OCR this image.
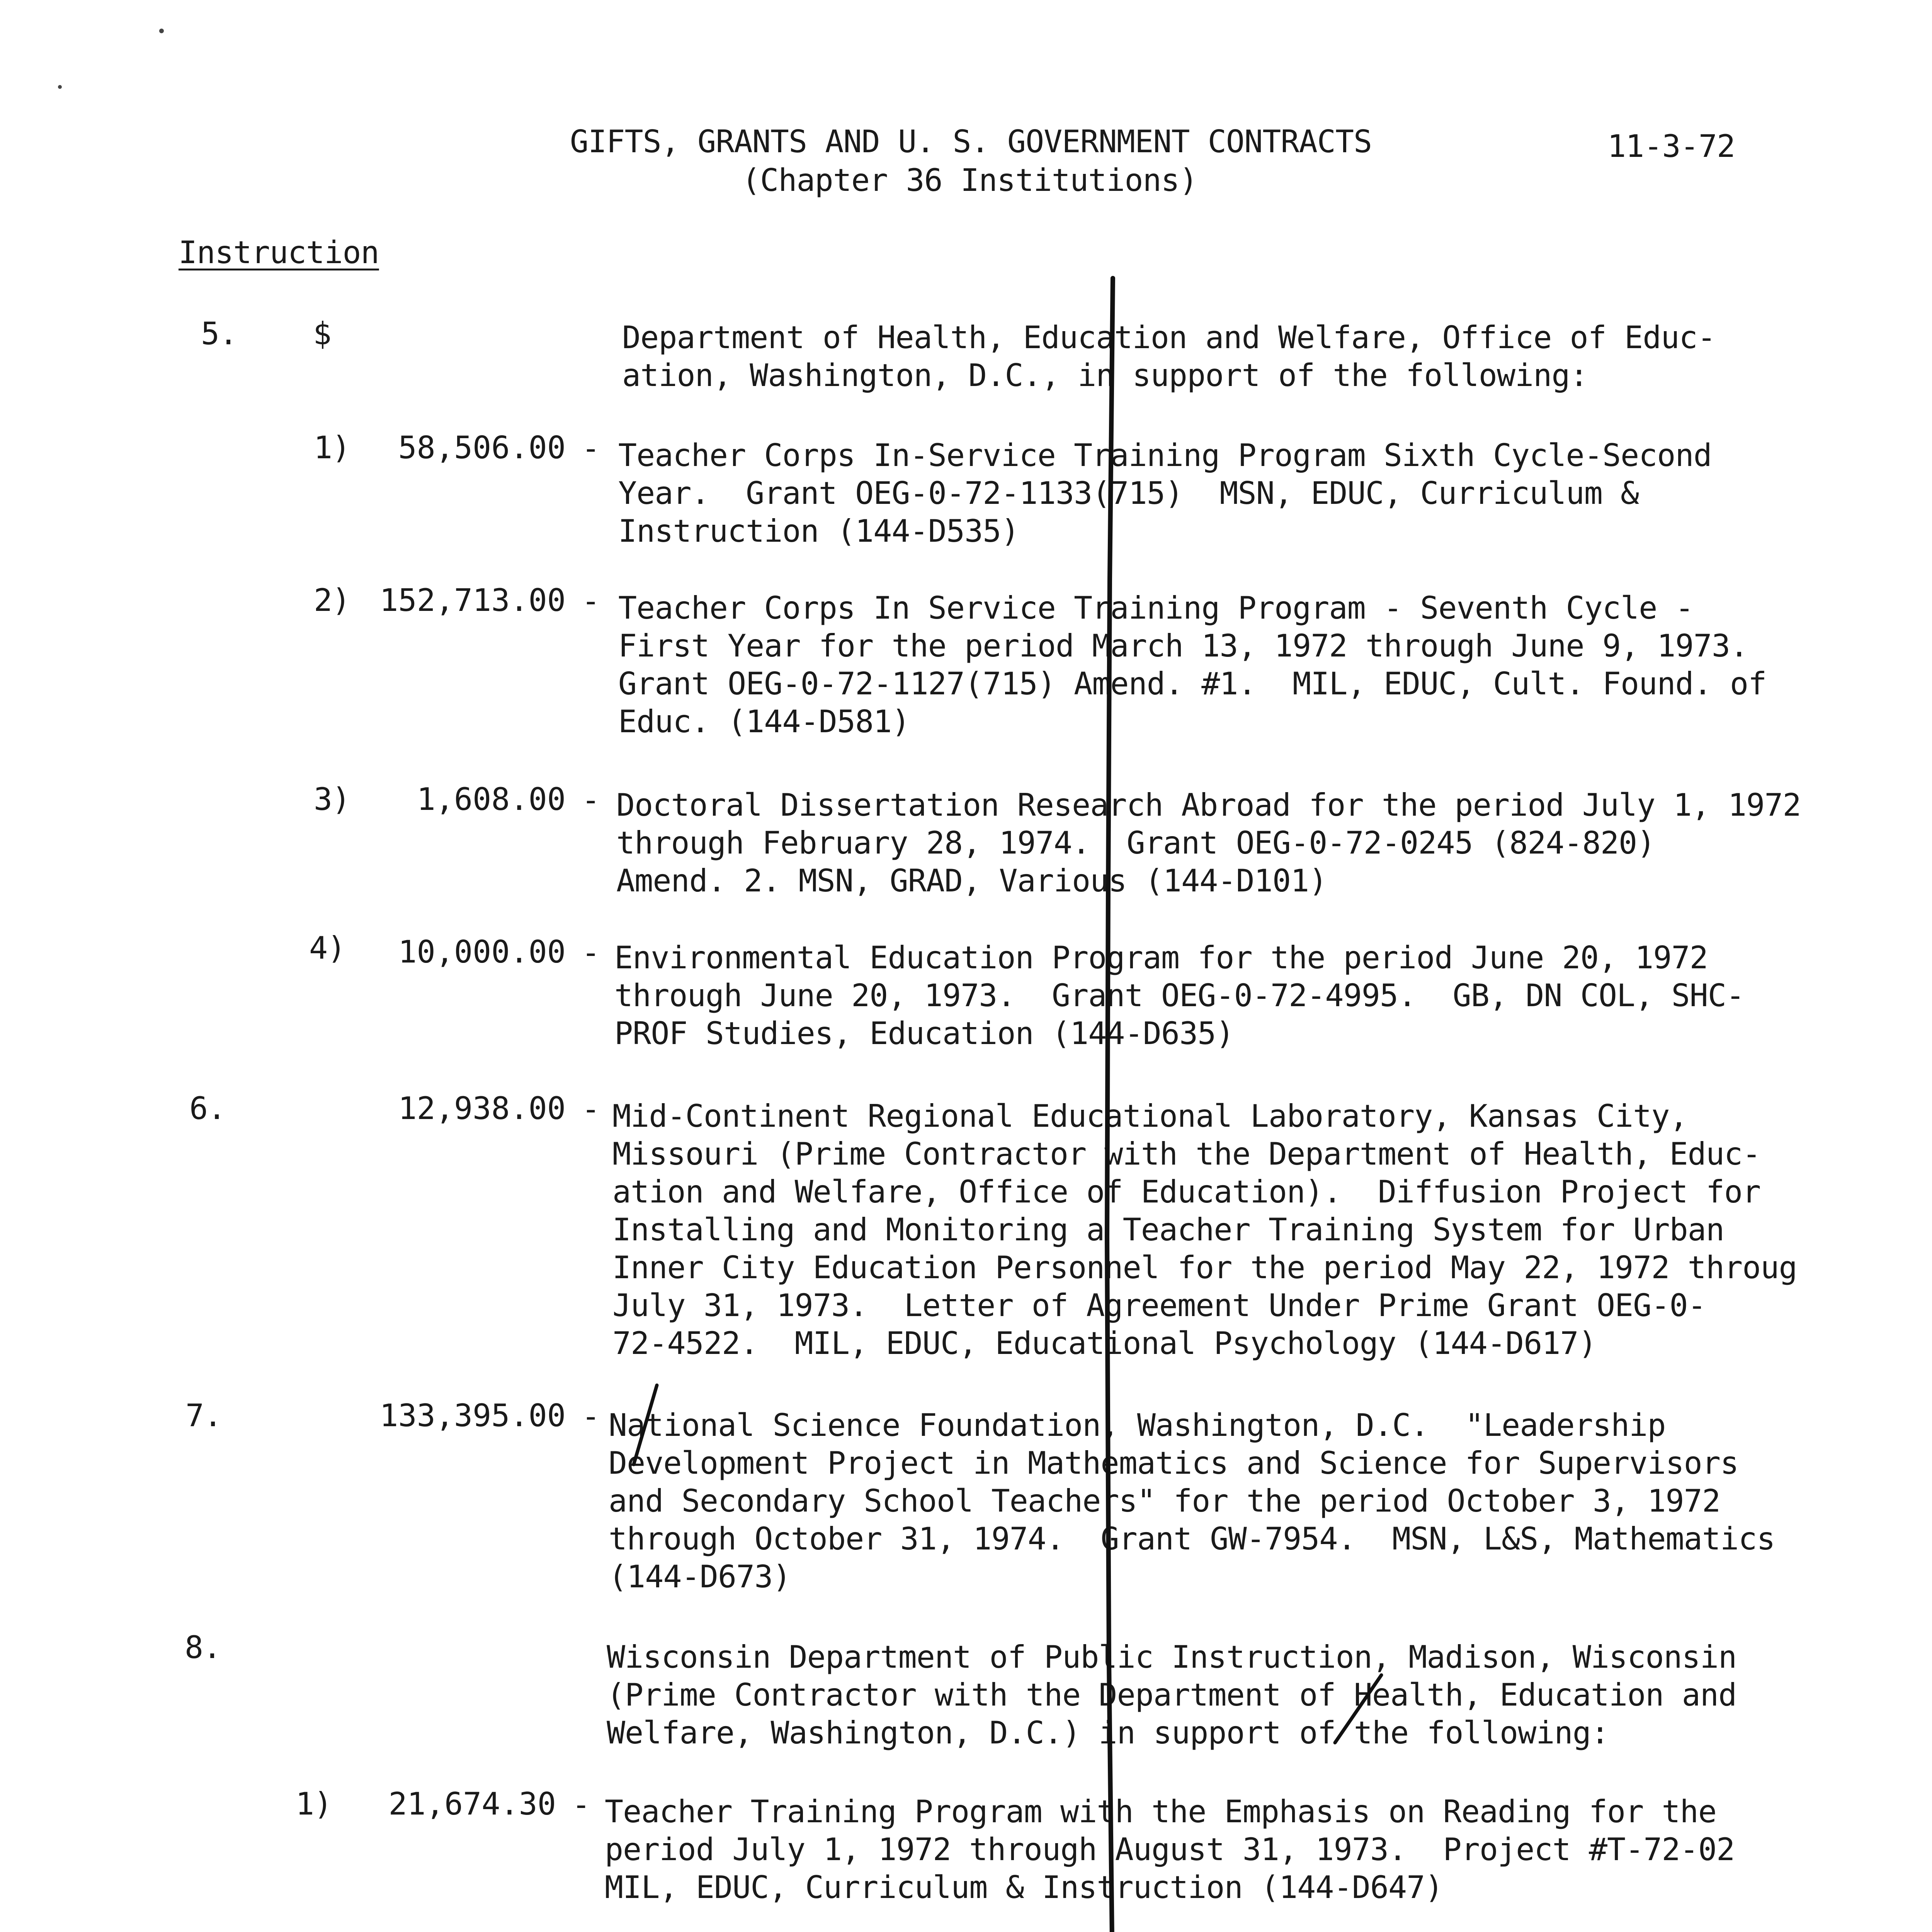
GIFTS, GRANTS AND U. S. GOVERNMENT CONTRACTS	11-3-72
(Chapter 36 Institutions)
Instruction
5. $	Department of Health, Education and Welfare, Office of Educ-
ation, Washington, D.C., in support of the following:
1) 58,506.00 - Teacher Corps In-Service Training Program Sixth Cycle-Second
Year.  Grant OEG-0-72-1133(715)  MSN, EDUC, Curriculum &
Instruction (144-D535)
2) 152,713.00 - Teacher Corps In Service Training Program - Seventh Cycle -
First Year for the period March 13, 1972 through June 9, 1973.
Grant OEG-0-72-1127(715) Amend. #1.  MIL, EDUC, Cult. Found. of
Educ. (144-D581)
3) 1,608.00 - Doctoral Dissertation Research Abroad for the period July 1, 1972
through February 28, 1974.  Grant OEG-0-72-0245 (824-820)
Amend. 2. MSN, GRAD, Various (144-D101)
4) 10,000.00 - Environmental Education Program for the period June 20, 1972
through June 20, 1973.  Grant OEG-0-72-4995.  GB, DN COL, SHC-
PROF Studies, Education (144-D635)
6.	12,938.00 - Mid-Continent Regional Educational Laboratory, Kansas City,
Missouri (Prime Contractor with the Department of Health, Educ-
ation and Welfare, Office of Education).  Diffusion Project for
Installing and Monitoring a Teacher Training System for Urban
Inner City Education Personnel for the period May 22, 1972 throug
July 31, 1973.  Letter of Agreement Under Prime Grant OEG-0-
72-4522.  MIL, EDUC, Educational Psychology (144-D617)
7.	133,395.00 - National Science Foundation, Washington, D.C.  "Leadership
Development Project in Mathematics and Science for Supervisors
and Secondary School Teachers" for the period October 3, 1972
through October 31, 1974.  Grant GW-7954.  MSN, L&S, Mathematics
(144-D673)
8.	Wisconsin Department of Public Instruction, Madison, Wisconsin
(Prime Contractor with the Department of Health, Education and
Welfare, Washington, D.C.) in support of the following:
1) 21,674.30 - Teacher Training Program with the Emphasis on Reading for the
period July 1, 1972 through August 31, 1973.  Project #T-72-02
MIL, EDUC, Curriculum & Instruction (144-D647)
